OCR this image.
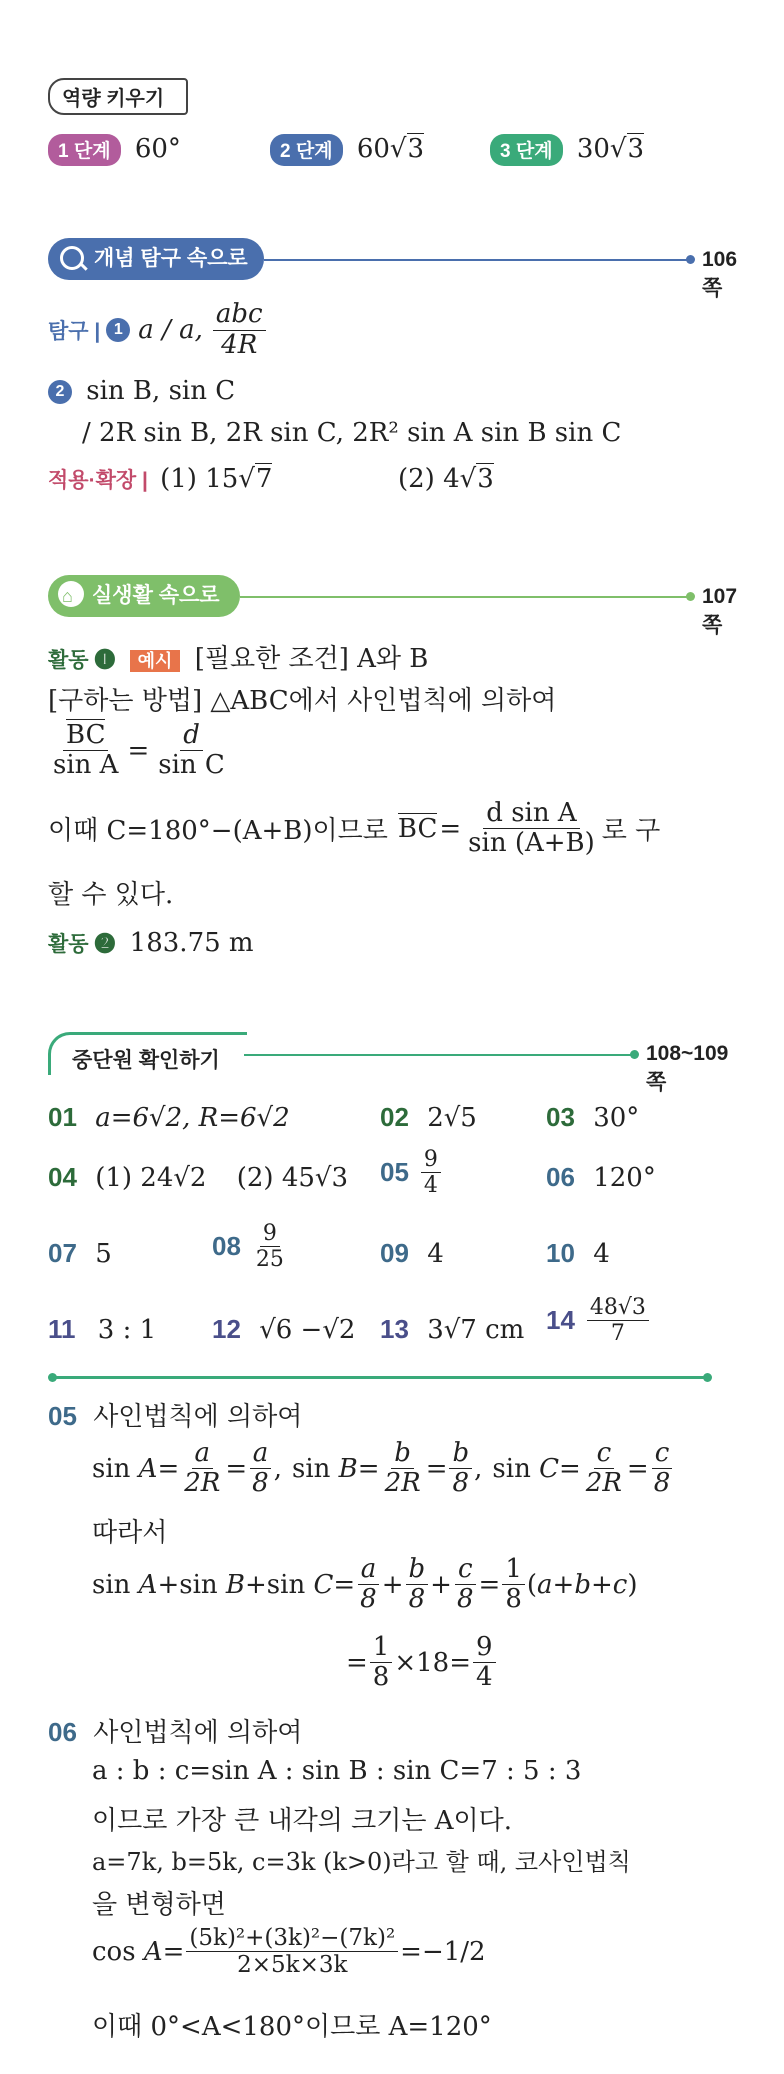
역량 키우기
1 단계 60°	2 단계 60 √ 3	3 단계 30 √ 3
개념 탐구 속으로	106쪽
탐구 | 1 a / a, $\frac{\text{abc}}{4R}$
2 sin B, sin C
/ 2R sin B, 2R sin C, 2R² sin A sin B sin C
적용·확장 | (1) 15 √ 7	(2) 4 √ 3
⌂ 실생활 속으로	107쪽
활동 ❶ 예시 [필요한 조건] A와 B
[구하는 방법] △ABC에서 사인법칙에 의하여
$\frac{BC}{\text{sin A}} = \frac{d}{\text{sin C}}$
이때 C=180°−(A+B)이므로 BC = $\frac{\text{d sin A}}{\sin (A+B)}$ 로 구
할 수 있다.
활동 ❷ 183.75 m
중단원 확인하기	108~109쪽
01 a=6√2, R=6√2	02 2√5	03 30°
04 (1) 24√2 (2) 45√3 $05 \frac{9}{4}$	06 120°
07 5	$08 \frac{9}{25}$	09 4	10 4
11 3 : 1 12 √6 −√2 13 3√7 cm $14 \frac{48√3}{7}$
05 사인법칙에 의하여
$\sin A= \frac{a}{2R} = \frac{a}{8}$ , $\sin B= \frac{b}{2R} = \frac{b}{8}$ , $\sin C= \frac{c}{2R} = \frac{c}{8}$
따라서
sin A+sin B+sin $C= \frac{a}{8} + \frac{b}{8} + \frac{c}{8} = \frac{1}{8} (a+b+c)$
= $\frac{1}{8} \times 18= \frac{9}{4}$
06 사인법칙에 의하여
a : b : c=sin A : sin B : sin C=7 : 5 : 3
이므로 가장 큰 내각의 크기는 A이다.
a=7k, b=5k, c=3k (k>0)라고 할 때, 코사인법칙
을 변형하면
$\cos A= \frac{\text{(5k)²+(3k)²−(7k)²}}{2\times 5k\times 3k} = -1/2$
이때 0°<A<180°이므로 A=120°
